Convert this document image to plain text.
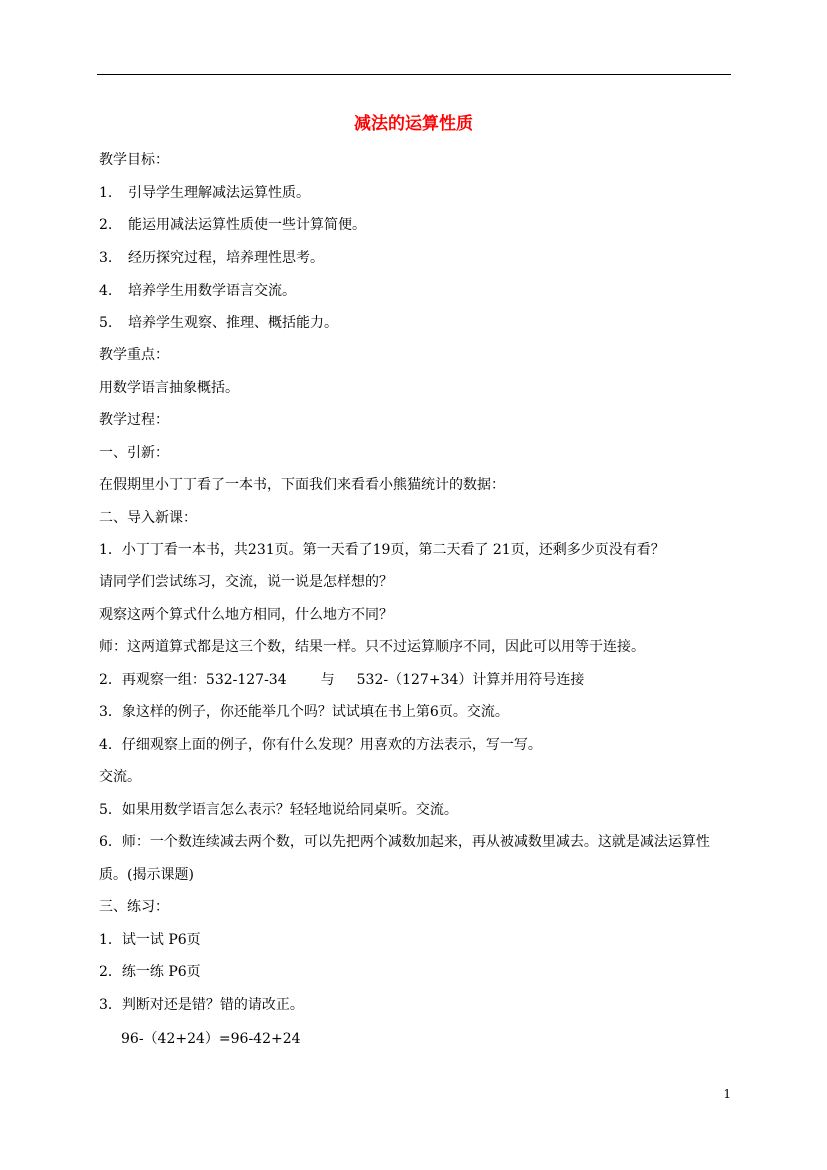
减法的运算性质
教学目标：
1. 引导学生理解减法运算性质。
2. 能运用减法运算性质使一些计算简便。
3. 经历探究过程，培养理性思考。
4. 培养学生用数学语言交流。
5. 培养学生观察、推理、概括能力。
教学重点：
用数学语言抽象概括。
教学过程：
一、引新：
在假期里小丁丁看了一本书，下面我们来看看小熊猫统计的数据：
二、导入新课：
1．小丁丁看一本书，共231页。第一天看了19页，第二天看了 21页，还剩多少页没有看？
请同学们尝试练习，交流，说一说是怎样想的？
观察这两个算式什么地方相同，什么地方不同？
师：这两道算式都是这三个数，结果一样。只不过运算顺序不同，因此可以用等于连接。
2．再观察一组：532-127-34 与 532-（127+34）计算并用符号连接
3．象这样的例子，你还能举几个吗？试试填在书上第6页。交流。
4．仔细观察上面的例子，你有什么发现？用喜欢的方法表示，写一写。
交流。
5．如果用数学语言怎么表示？轻轻地说给同桌听。交流。
6．师：一个数连续减去两个数，可以先把两个减数加起来，再从被减数里减去。这就是减法运算性
质。(揭示课题)
三、练习：
1．试一试 P6页
2．练一练 P6页
3．判断对还是错？错的请改正。
96-（42+24）=96-42+24
1
